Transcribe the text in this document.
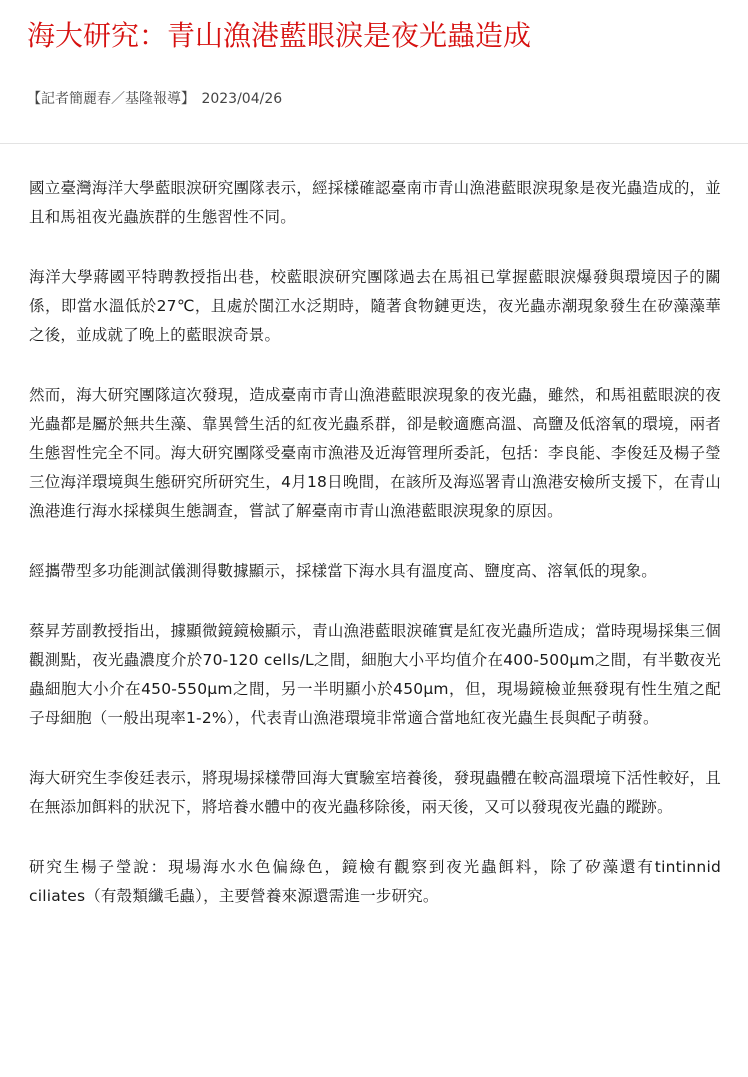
海大研究：青山漁港藍眼淚是夜光蟲造成
【記者簡麗春／基隆報導】 2023/04/26

國立臺灣海洋大學藍眼淚研究團隊表示，經採樣確認臺南市青山漁港藍眼淚現象是夜光蟲造成的，並且和馬祖夜光蟲族群的生態習性不同。

海洋大學蔣國平特聘教授指出巷，校藍眼淚研究團隊過去在馬祖已掌握藍眼淚爆發與環境因子的關係，即當水溫低於27℃，且處於閩江水泛期時，隨著食物鏈更迭，夜光蟲赤潮現象發生在矽藻藻華之後，並成就了晚上的藍眼淚奇景。

然而，海大研究團隊這次發現，造成臺南市青山漁港藍眼淚現象的夜光蟲，雖然，和馬祖藍眼淚的夜光蟲都是屬於無共生藻、靠異營生活的紅夜光蟲系群，卻是較適應高溫、高鹽及低溶氧的環境，兩者生態習性完全不同。海大研究團隊受臺南市漁港及近海管理所委託，包括：李良能、李俊廷及楊子瑩三位海洋環境與生態研究所研究生，4月18日晚間，在該所及海巡署青山漁港安檢所支援下，在青山漁港進行海水採樣與生態調查，嘗試了解臺南市青山漁港藍眼淚現象的原因。

經攜帶型多功能測試儀測得數據顯示，採樣當下海水具有溫度高、鹽度高、溶氧低的現象。

蔡昇芳副教授指出，據顯微鏡鏡檢顯示，青山漁港藍眼淚確實是紅夜光蟲所造成；當時現場採集三個觀測點，夜光蟲濃度介於70-120 cells/L之間，細胞大小平均值介在400-500μm之間，有半數夜光蟲細胞大小介在450-550μm之間，另一半明顯小於450μm，但，現場鏡檢並無發現有性生殖之配子母細胞（一般出現率1-2%），代表青山漁港環境非常適合當地紅夜光蟲生長與配子萌發。

海大研究生李俊廷表示，將現場採樣帶回海大實驗室培養後，發現蟲體在較高溫環境下活性較好，且在無添加餌料的狀況下，將培養水體中的夜光蟲移除後，兩天後，又可以發現夜光蟲的蹤跡。

研究生楊子瑩說：現場海水水色偏綠色，鏡檢有觀察到夜光蟲餌料，除了矽藻還有tintinnid ciliates（有殼類纖毛蟲），主要營養來源還需進一步研究。
